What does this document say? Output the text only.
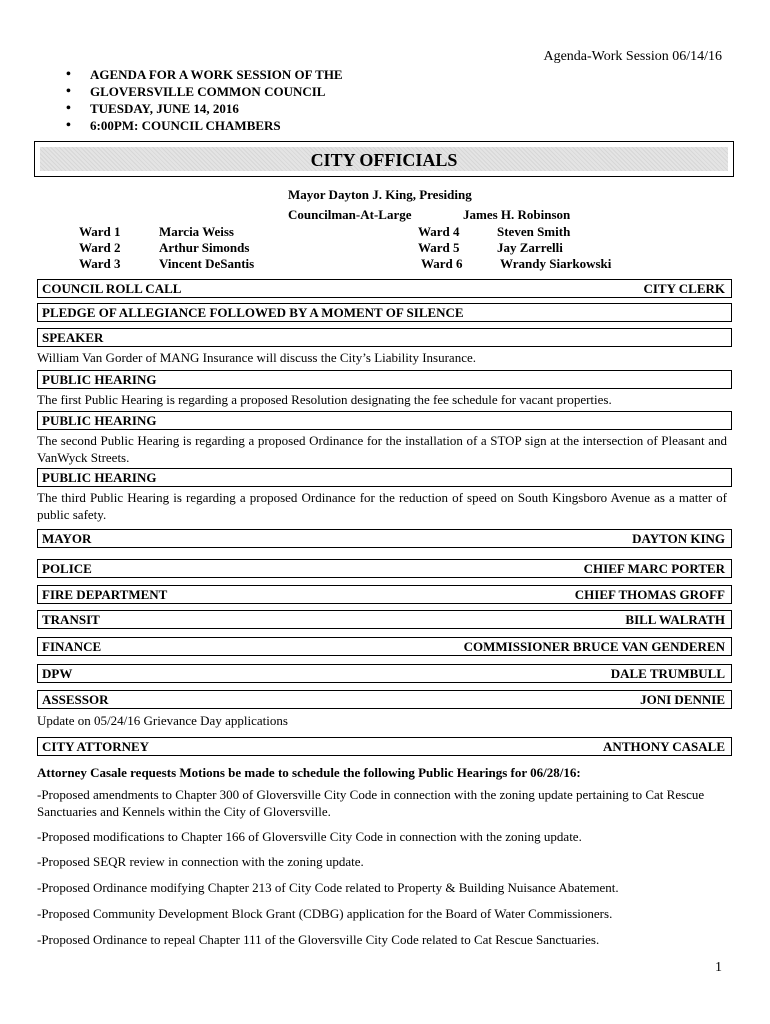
Agenda-Work Session 06/14/16
• AGENDA FOR A WORK SESSION OF THE
• GLOVERSVILLE COMMON COUNCIL
• TUESDAY, JUNE 14, 2016
• 6:00PM: COUNCIL CHAMBERS
CITY OFFICIALS
Mayor Dayton J. King, Presiding
Councilman-At-Large	James H. Robinson
Ward 1	Marcia Weiss
Ward 2	Arthur Simonds
Ward 3	Vincent DeSantis
Ward 4	Steven Smith
Ward 5	Jay Zarrelli
Ward 6	Wrandy Siarkowski
COUNCIL ROLL CALL	CITY CLERK
PLEDGE OF ALLEGIANCE FOLLOWED BY A MOMENT OF SILENCE
SPEAKER
William Van Gorder of MANG Insurance will discuss the City’s Liability Insurance.
PUBLIC HEARING
The first Public Hearing is regarding a proposed Resolution designating the fee schedule for vacant properties.
PUBLIC HEARING
The second Public Hearing is regarding a proposed Ordinance for the installation of a STOP sign at the intersection of Pleasant and VanWyck Streets.
PUBLIC HEARING
The third Public Hearing is regarding a proposed Ordinance for the reduction of speed on South Kingsboro Avenue as a matter of public safety.
MAYOR	DAYTON KING
POLICE	CHIEF MARC PORTER
FIRE DEPARTMENT	CHIEF THOMAS GROFF
TRANSIT	BILL WALRATH
FINANCE	COMMISSIONER BRUCE VAN GENDEREN
DPW	DALE TRUMBULL
ASSESSOR	JONI DENNIE
Update on 05/24/16 Grievance Day applications
CITY ATTORNEY	ANTHONY CASALE
Attorney Casale requests Motions be made to schedule the following Public Hearings for 06/28/16:
-Proposed amendments to Chapter 300 of Gloversville City Code in connection with the zoning update pertaining to Cat Rescue Sanctuaries and Kennels within the City of Gloversville.
-Proposed modifications to Chapter 166 of Gloversville City Code in connection with the zoning update.
-Proposed SEQR review in connection with the zoning update.
-Proposed Ordinance modifying Chapter 213 of City Code related to Property & Building Nuisance Abatement.
-Proposed Community Development Block Grant (CDBG) application for the Board of Water Commissioners.
-Proposed Ordinance to repeal Chapter 111 of the Gloversville City Code related to Cat Rescue Sanctuaries.
1
